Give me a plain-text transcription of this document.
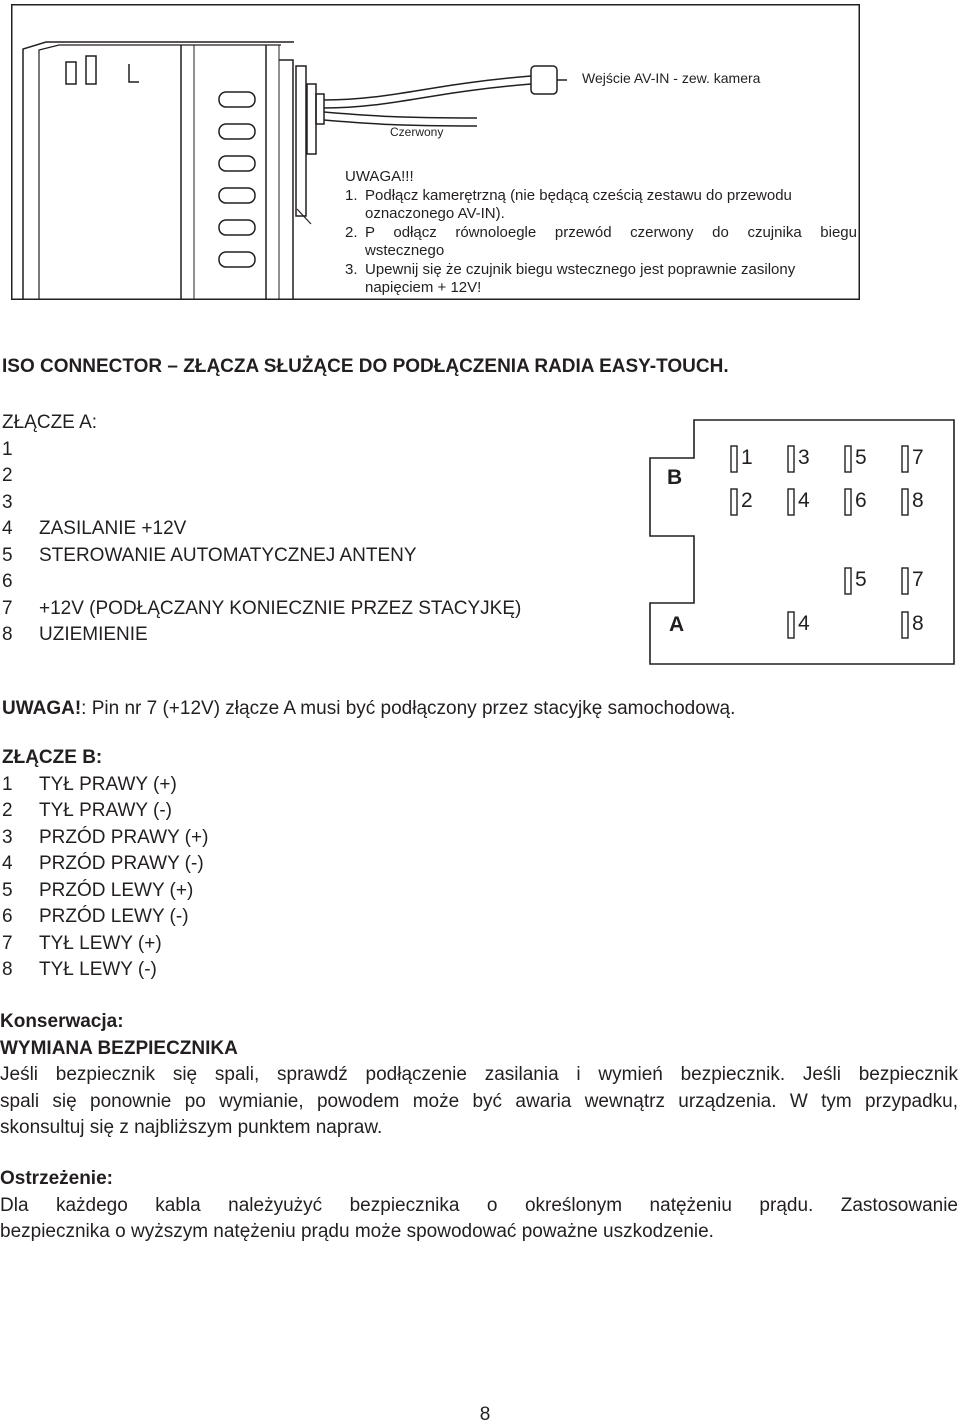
Wejście AV-IN - zew. kamera
Czerwony
UWAGA!!!
1. Podłącz kamerętrzną (nie będącą cześcią zestawu do przewodu
oznaczonego AV-IN).
2. P odłącz równoloegle przewód czerwony do czujnika biegu
wstecznego
3. Upewnij się że czujnik biegu wstecznego jest poprawnie zasilony
napięciem + 12V!
ISO CONNECTOR – ZŁĄCZA SŁUŻĄCE DO PODŁĄCZENIA RADIA EASY-TOUCH.
ZŁĄCZE A:
1
2
3
4 ZASILANIE +12V
5 STEROWANIE AUTOMATYCZNEJ ANTENY
6
7 +12V (PODŁĄCZANY KONIECZNIE PRZEZ STACYJKĘ)
8 UZIEMIENIE
B
A
1 3 5 7
2 4 6 8
5 7
4	8
UWAGA!: Pin nr 7 (+12V) złącze A musi być podłączony przez stacyjkę samochodową.
ZŁĄCZE B:
1 TYŁ PRAWY (+)
2 TYŁ PRAWY (-)
3 PRZÓD PRAWY (+)
4 PRZÓD PRAWY (-)
5 PRZÓD LEWY (+)
6 PRZÓD LEWY (-)
7 TYŁ LEWY (+)
8 TYŁ LEWY (-)
Konserwacja:
WYMIANA BEZPIECZNIKA
Jeśli bezpiecznik się spali, sprawdź podłączenie zasilania i wymień bezpiecznik. Jeśli bezpiecznik
spali się ponownie po wymianie, powodem może być awaria wewnątrz urządzenia. W tym przypadku,
skonsultuj się z najbliższym punktem napraw.
Ostrzeżenie:
Dla każdego kabla należyużyć bezpiecznika o określonym natężeniu prądu. Zastosowanie
bezpiecznika o wyższym natężeniu prądu może spowodować poważne uszkodzenie.
8
